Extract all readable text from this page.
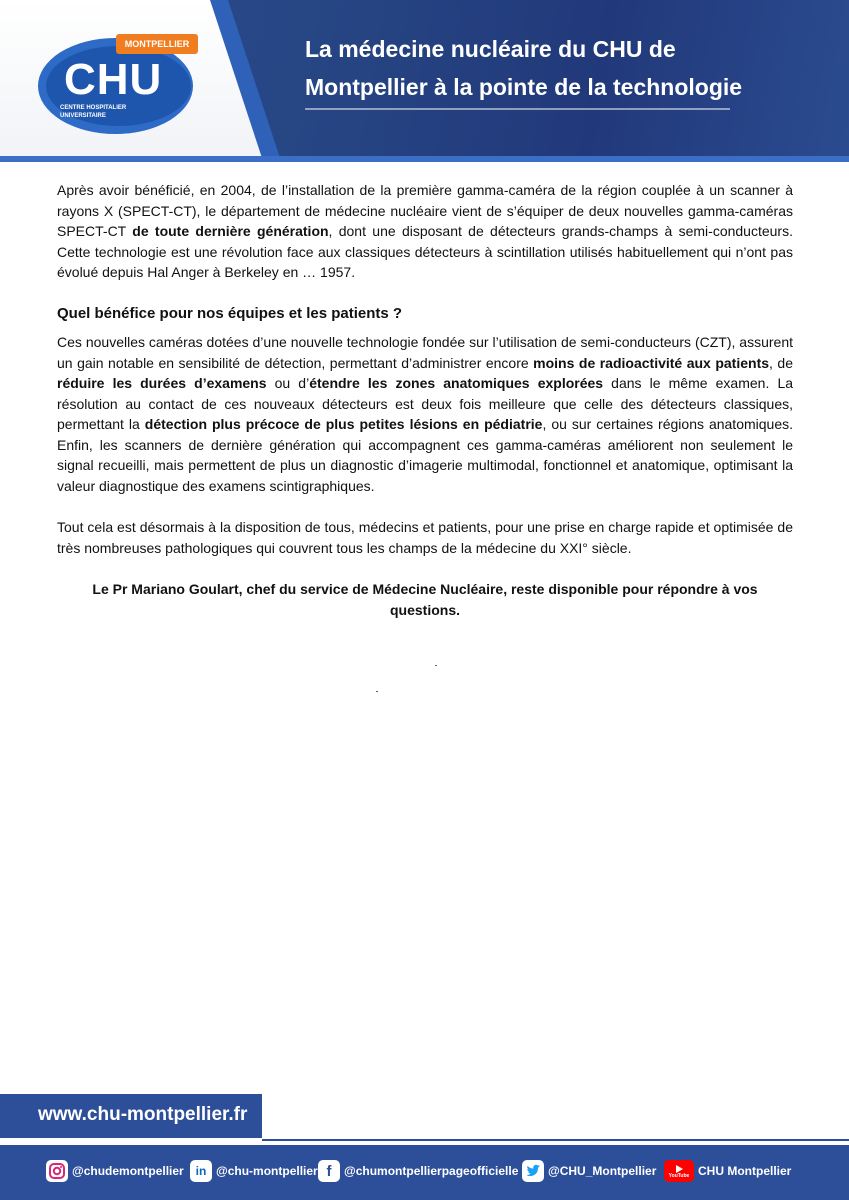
MONTPELLIER
CHU
CENTRE HOSPITALIER
UNIVERSITAIRE
La médecine nucléaire du CHU de
Montpellier à la pointe de la technologie

Après avoir bénéficié, en 2004, de l’installation de la première gamma-caméra de la région couplée à un scanner à rayons X (SPECT-CT), le département de médecine nucléaire vient de s’équiper de deux nouvelles gamma-caméras SPECT-CT de toute dernière génération, dont une disposant de détecteurs grands-champs à semi-conducteurs. Cette technologie est une révolution face aux classiques détecteurs à scintillation utilisés habituellement qui n’ont pas évolué depuis Hal Anger à Berkeley en … 1957.

Quel bénéfice pour nos équipes et les patients ?

Ces nouvelles caméras dotées d’une nouvelle technologie fondée sur l’utilisation de semi-conducteurs (CZT), assurent un gain notable en sensibilité de détection, permettant d’administrer encore moins de radioactivité aux patients, de réduire les durées d’examens ou d’étendre les zones anatomiques explorées dans le même examen. La résolution au contact de ces nouveaux détecteurs est deux fois meilleure que celle des détecteurs classiques, permettant la détection plus précoce de plus petites lésions en pédiatrie, ou sur certaines régions anatomiques. Enfin, les scanners de dernière génération qui accompagnent ces gamma-caméras améliorent non seulement le signal recueilli, mais permettent de plus un diagnostic d’imagerie multimodal, fonctionnel et anatomique, optimisant la valeur diagnostique des examens scintigraphiques.

Tout cela est désormais à la disposition de tous, médecins et patients, pour une prise en charge rapide et optimisée de très nombreuses pathologiques qui couvrent tous les champs de la médecine du XXI° siècle.

Le Pr Mariano Goulart, chef du service de Médecine Nucléaire, reste disponible pour répondre à vos questions.

www.chu-montpellier.fr
@chudemontpellier in @chu-montpellier f	@chumontpellierpageofficielle @CHU_Montpellier YouTube CHU Montpellier
